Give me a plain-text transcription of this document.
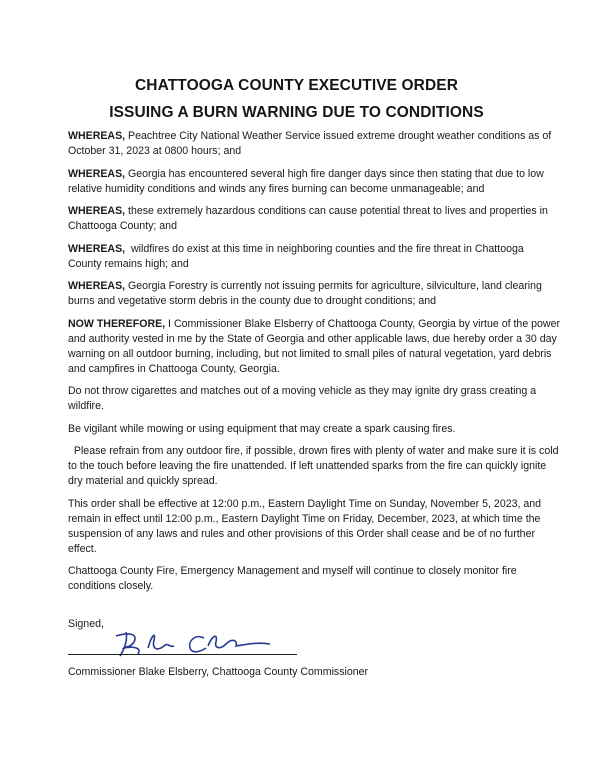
CHATTOOGA COUNTY EXECUTIVE ORDER
ISSUING A BURN WARNING DUE TO CONDITIONS

WHEREAS, Peachtree City National Weather Service issued extreme drought weather conditions as of October 31, 2023 at 0800 hours; and

WHEREAS, Georgia has encountered several high fire danger days since then stating that due to low relative humidity conditions and winds any fires burning can become unmanageable; and

WHEREAS, these extremely hazardous conditions can cause potential threat to lives and properties in Chattooga County; and

WHEREAS,  wildfires do exist at this time in neighboring counties and the fire threat in Chattooga County remains high; and

WHEREAS, Georgia Forestry is currently not issuing permits for agriculture, silviculture, land clearing burns and vegetative storm debris in the county due to drought conditions; and

NOW THEREFORE, I Commissioner Blake Elsberry of Chattooga County, Georgia by virtue of the power and authority vested in me by the State of Georgia and other applicable laws, due hereby order a 30 day warning on all outdoor burning, including, but not limited to small piles of natural vegetation, yard debris and campfires in Chattooga County, Georgia.

Do not throw cigarettes and matches out of a moving vehicle as they may ignite dry grass creating a wildfire.

Be vigilant while mowing or using equipment that may create a spark causing fires.

Please refrain from any outdoor fire, if possible, drown fires with plenty of water and make sure it is cold to the touch before leaving the fire unattended. If left unattended sparks from the fire can quickly ignite dry material and quickly spread.

This order shall be effective at 12:00 p.m., Eastern Daylight Time on Sunday, November 5, 2023, and remain in effect until 12:00 p.m., Eastern Daylight Time on Friday, December, 2023, at which time the suspension of any laws and rules and other provisions of this Order shall cease and be of no further effect.

Chattooga County Fire, Emergency Management and myself will continue to closely monitor fire conditions closely.

Signed,
Commissioner Blake Elsberry, Chattooga County Commissioner
